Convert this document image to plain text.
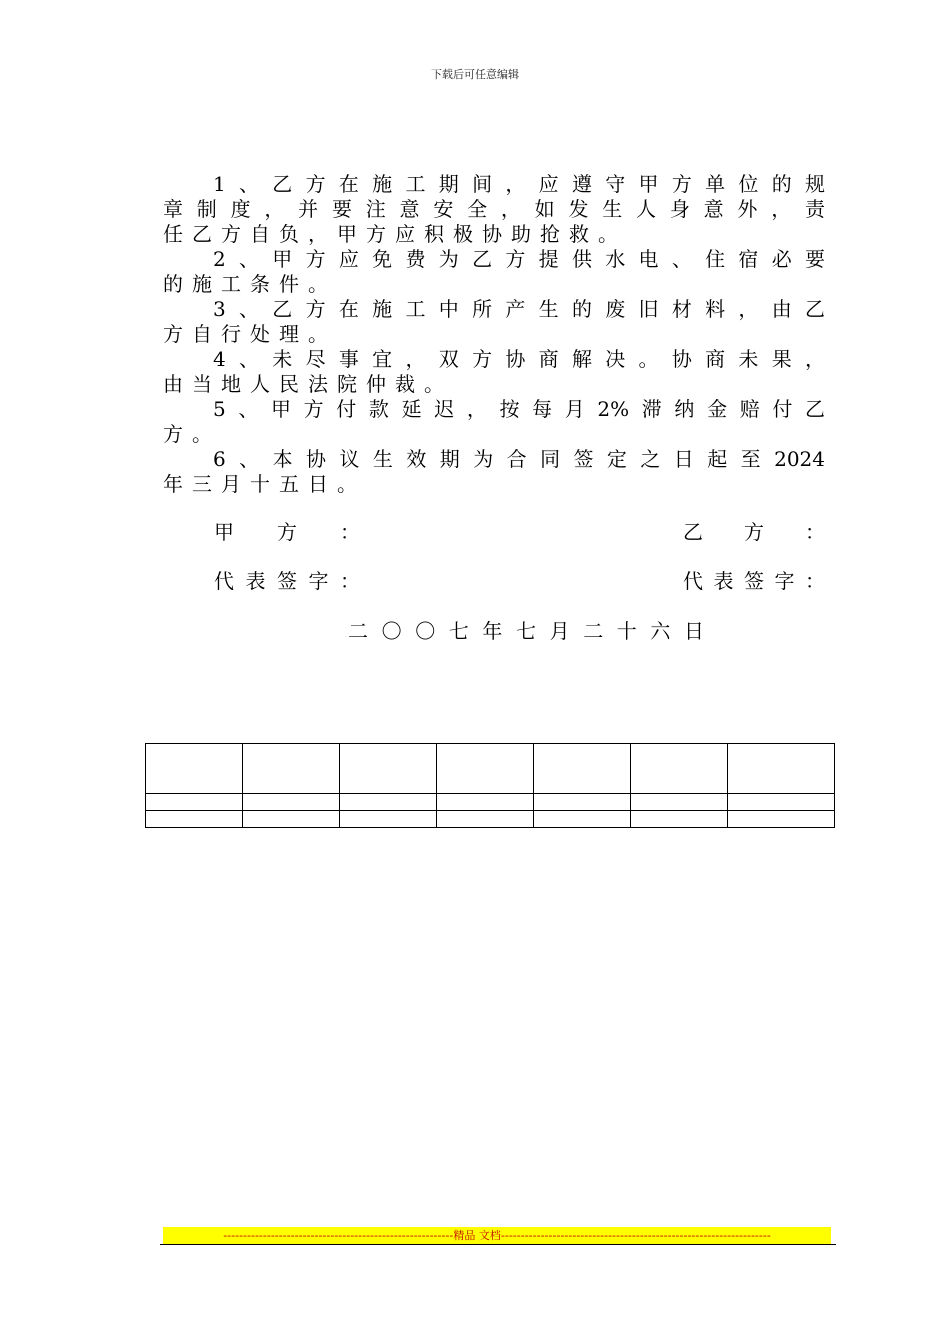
下载后可任意编辑
1、乙方在施工期间，应遵守甲方单位的规
章制度，并要注意安全，如发生人身意外，责
任乙方自负，甲方应积极协助抢救。
2、甲方应免费为乙方提供水电、住宿必要
的施工条件。
3、乙方在施工中所产生的废旧材料，由乙
方自行处理。
4、未尽事宜，双方协商解决。协商未果，
由当地人民法院仲裁。
5、甲方付款延迟，按每月2%滞纳金赔付乙
方。
6、本协议生效期为合同签定之日起至2024
年三月十五日。
甲方：	乙方：
代表签字：	代表签字：
二〇〇七年七月二十六日

----------------------------------------------------------精品 文档--------------------------------------------------------------------
